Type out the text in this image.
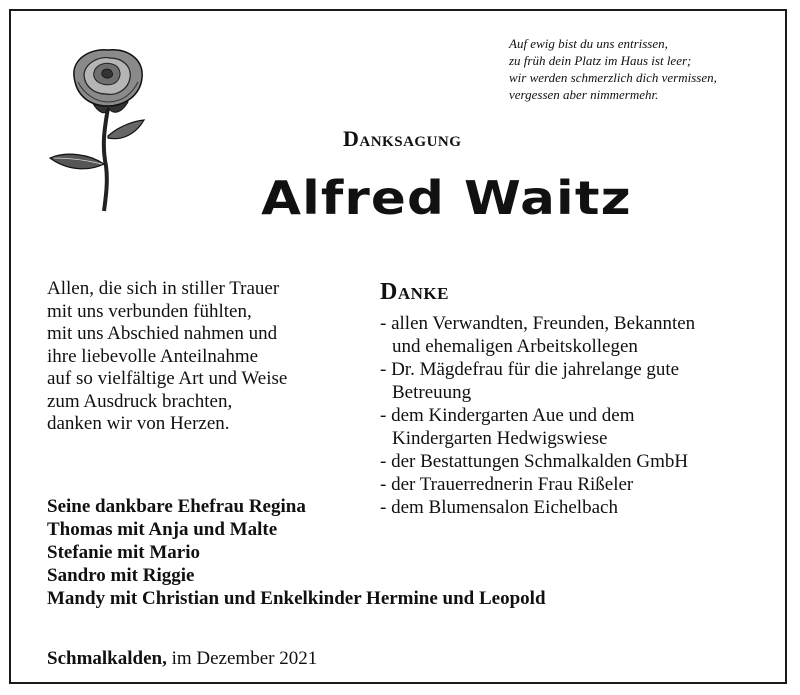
Auf ewig bist du uns entrissen,
zu früh dein Platz im Haus ist leer;
wir werden schmerzlich dich vermissen,
vergessen aber nimmermehr.
Danksagung
Alfred Waitz
Allen, die sich in stiller Trauer
mit uns verbunden fühlten,
mit uns Abschied nahmen und
ihre liebevolle Anteilnahme
auf so vielfältige Art und Weise
zum Ausdruck brachten,
danken wir von Herzen.
Danke
- allen Verwandten, Freunden, Bekannten
und ehemaligen Arbeitskollegen
- Dr. Mägdefrau für die jahrelange gute
Betreuung
- dem Kindergarten Aue und dem
Kindergarten Hedwigswiese
- der Bestattungen Schmalkalden GmbH
- der Trauerrednerin Frau Rißeler
- dem Blumensalon Eichelbach
Seine dankbare Ehefrau Regina
Thomas mit Anja und Malte
Stefanie mit Mario
Sandro mit Riggie
Mandy mit Christian und Enkelkinder Hermine und Leopold
Schmalkalden, im Dezember 2021
